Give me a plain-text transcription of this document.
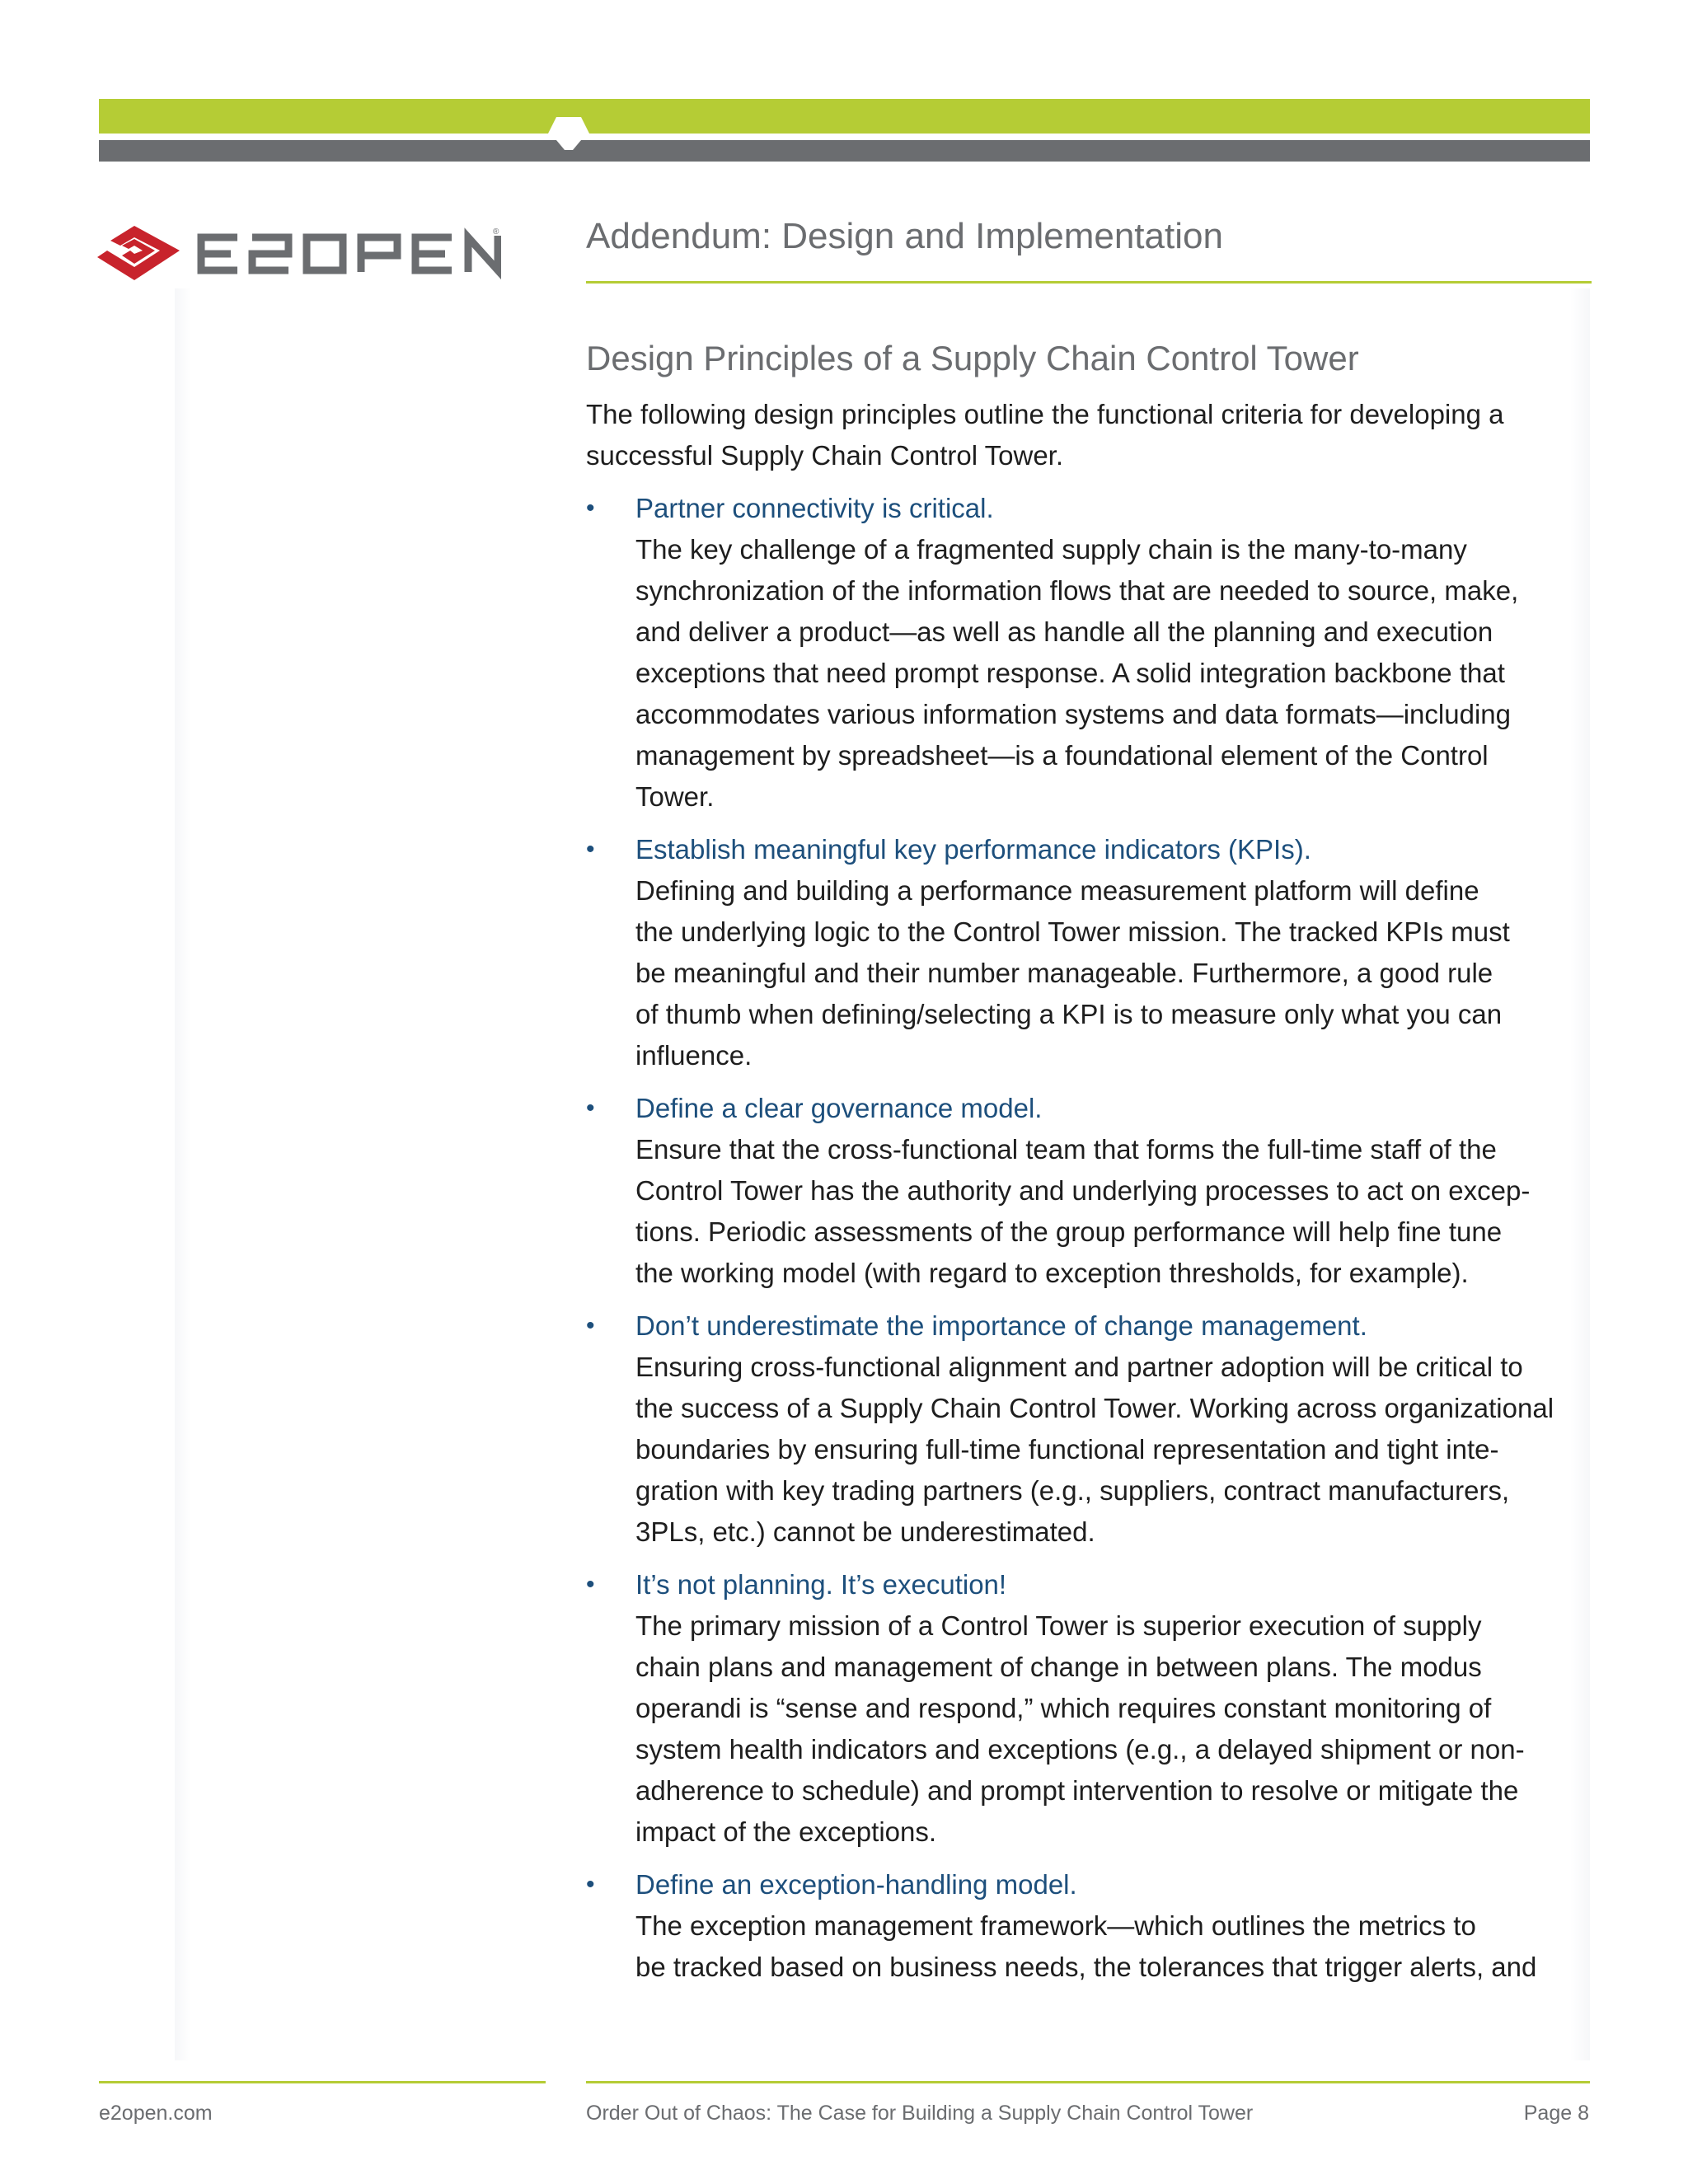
® Addendum: Design and Implementation
Design Principles of a Supply Chain Control Tower
The following design principles outline the functional criteria for developing a
successful Supply Chain Control Tower.
• Partner connectivity is critical.
The key challenge of a fragmented supply chain is the many-to-many
synchronization of the information flows that are needed to source, make,
and deliver a product—as well as handle all the planning and execution
exceptions that need prompt response. A solid integration backbone that
accommodates various information systems and data formats—including
management by spreadsheet—is a foundational element of the Control
Tower.
• Establish meaningful key performance indicators (KPIs).
Defining and building a performance measurement platform will define
the underlying logic to the Control Tower mission. The tracked KPIs must
be meaningful and their number manageable. Furthermore, a good rule
of thumb when defining/selecting a KPI is to measure only what you can
influence.
• Define a clear governance model.
Ensure that the cross-functional team that forms the full-time staff of the
Control Tower has the authority and underlying processes to act on excep-
tions. Periodic assessments of the group performance will help fine tune
the working model (with regard to exception thresholds, for example).
• Don’t underestimate the importance of change management.
Ensuring cross-functional alignment and partner adoption will be critical to
the success of a Supply Chain Control Tower. Working across organizational
boundaries by ensuring full-time functional representation and tight inte-
gration with key trading partners (e.g., suppliers, contract manufacturers,
3PLs, etc.) cannot be underestimated.
• It’s not planning. It’s execution!
The primary mission of a Control Tower is superior execution of supply
chain plans and management of change in between plans. The modus
operandi is “sense and respond,” which requires constant monitoring of
system health indicators and exceptions (e.g., a delayed shipment or non-
adherence to schedule) and prompt intervention to resolve or mitigate the
impact of the exceptions.
• Define an exception-handling model.
The exception management framework—which outlines the metrics to
be tracked based on business needs, the tolerances that trigger alerts, and
e2open.com	Order Out of Chaos: The Case for Building a Supply Chain Control Tower	Page 8
